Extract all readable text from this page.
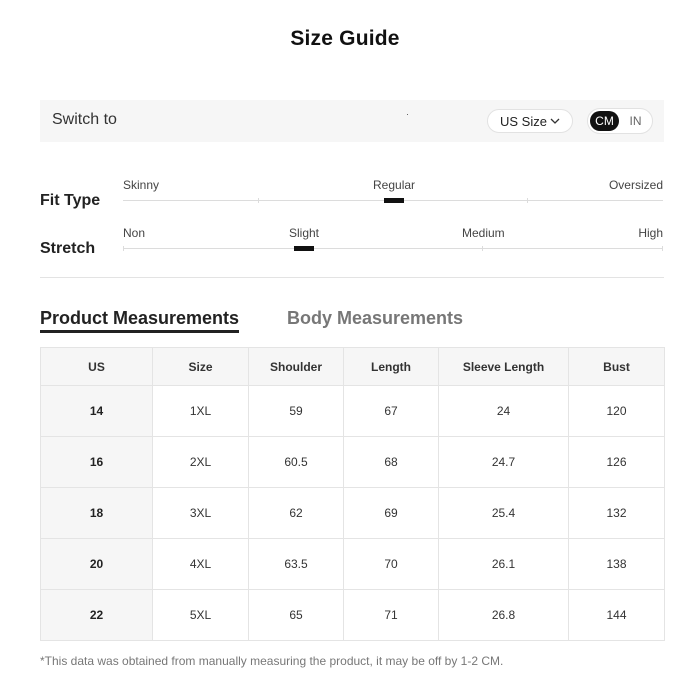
Size Guide
Switch to	US Size	CM	IN
Fit Type
Skinny	Regular	Oversized
Stretch
Non	Slight	Medium	High
Product Measurements	Body Measurements
US	Size	Shoulder	Length	Sleeve Length	Bust
14	1XL	59	67	24	120
16	2XL	60.5	68	24.7	126
18	3XL	62	69	25.4	132
20	4XL	63.5	70	26.1	138
22	5XL	65	71	26.8	144
*This data was obtained from manually measuring the product, it may be off by 1-2 CM.
